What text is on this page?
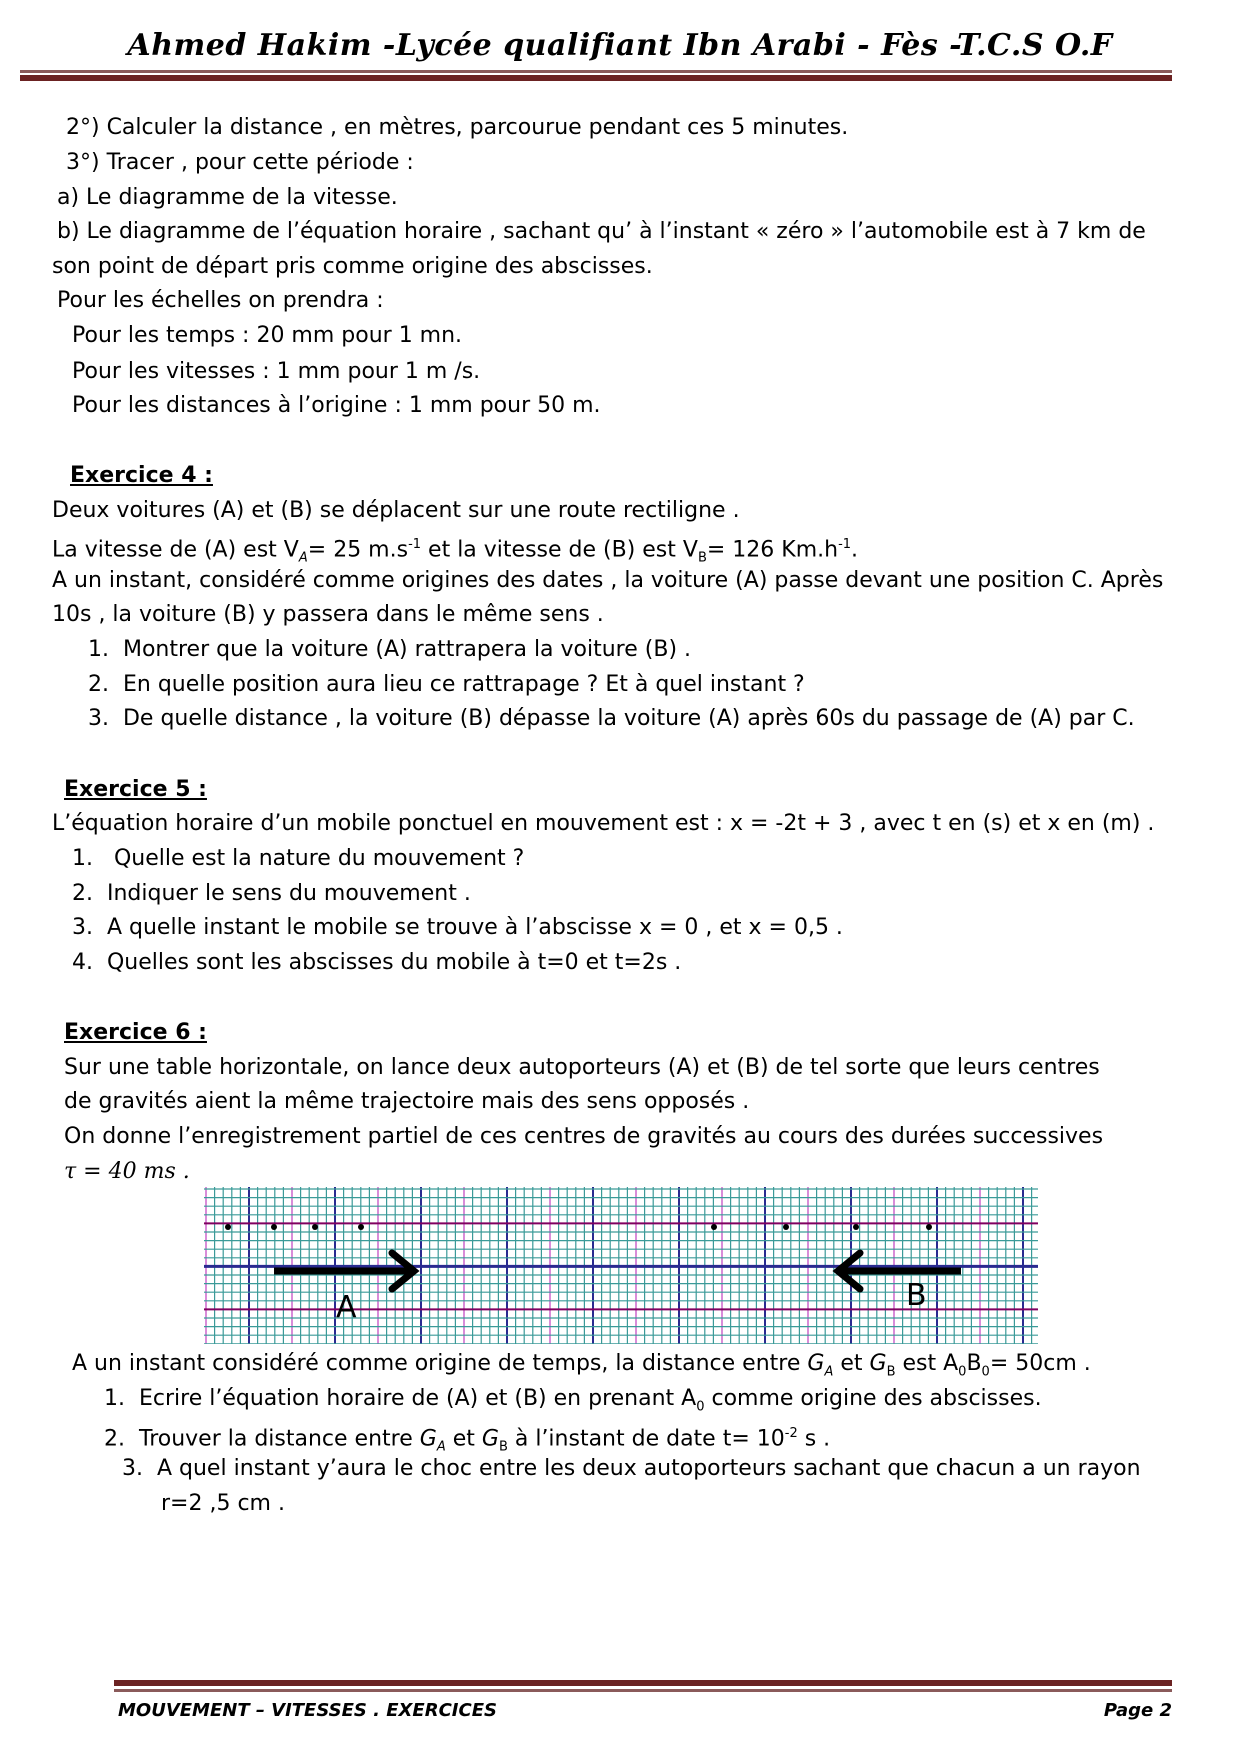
Ahmed Hakim -Lycée qualifiant Ibn Arabi - Fès -T.C.S O.F
2°) Calculer la distance , en mètres, parcourue pendant ces 5 minutes.
3°) Tracer , pour cette période :
a) Le diagramme de la vitesse.
b) Le diagramme de l’équation horaire , sachant qu’ à l’instant « zéro » l’automobile est à 7 km de
son point de départ pris comme origine des abscisses.
Pour les échelles on prendra :
Pour les temps : 20 mm pour 1 mn.
Pour les vitesses : 1 mm pour 1 m /s.
Pour les distances à l’origine : 1 mm pour 50 m.
Exercice 4 :
Deux voitures (A) et (B) se déplacent sur une route rectiligne .
La vitesse de (A) est $V_A= 25$ $m.s^{-1}$ et la vitesse de (B) est $V_B= 126$ $Km.h^{-1}$.
A un instant, considéré comme origines des dates , la voiture (A) passe devant une position C. Après
10s , la voiture (B) y passera dans le même sens .
1.  Montrer que la voiture (A) rattrapera la voiture (B) .
2.  En quelle position aura lieu ce rattrapage ? Et à quel instant ?
3.  De quelle distance , la voiture (B) dépasse la voiture (A) après 60s du passage de (A) par C.
Exercice 5 :
L’équation horaire d’un mobile ponctuel en mouvement est : x = -2t + 3 , avec t en (s) et x en (m) .
1.   Quelle est la nature du mouvement ?
2.  Indiquer le sens du mouvement .
3.  A quelle instant le mobile se trouve à l’abscisse x = 0 , et x = 0,5 .
4.  Quelles sont les abscisses du mobile à t=0 et t=2s .
Exercice 6 :
Sur une table horizontale, on lance deux autoporteurs (A) et (B) de tel sorte que leurs centres
de gravités aient la même trajectoire mais des sens opposés .
On donne l’enregistrement partiel de ces centres de gravités au cours des durées successives
τ = 40 ms .
A	B
A un instant considéré comme origine de temps, la distance entre $G_A$ et $G_B$ est $A_0B_0= 50cm$ .
1.  Ecrire l’équation horaire de (A) et (B) en prenant $A_0$ comme origine des abscisses.
2.  Trouver la distance entre $G_A$ et $G_B$ à l’instant de date $t= 10^{-2}$ s .
3.  A quel instant y’aura le choc entre les deux autoporteurs sachant que chacun a un rayon
r=2 ,5 cm .
MOUVEMENT – VITESSES . EXERCICES	Page 2
